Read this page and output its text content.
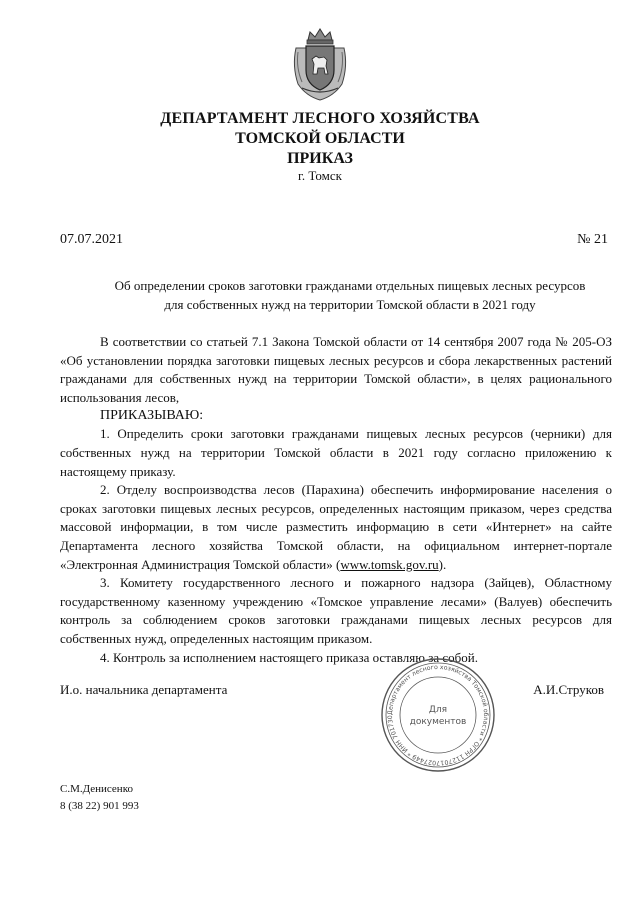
ДЕПАРТАМЕНТ ЛЕСНОГО ХОЗЯЙСТВА
ТОМСКОЙ ОБЛАСТИ
ПРИКАЗ
г. Томск
07.07.2021	№ 21
Об определении сроков заготовки гражданами отдельных пищевых лесных ресурсов
для собственных нужд на территории Томской области в 2021 году

В соответствии со статьей 7.1 Закона Томской области от 14 сентября 2007 года № 205-ОЗ «Об установлении порядка заготовки пищевых лесных ресурсов и сбора лекарственных растений гражданами для собственных нужд на территории Томской области», в целях рационального использования лесов,

ПРИКАЗЫВАЮ:

1. Определить сроки заготовки гражданами пищевых лесных ресурсов (черники) для собственных нужд на территории Томской области в 2021 году согласно приложению к настоящему приказу.

2. Отделу воспроизводства лесов (Парахина) обеспечить информирование населения о сроках заготовки пищевых лесных ресурсов, определенных настоящим приказом, через средства массовой информации, в том числе разместить информацию в сети «Интернет» на сайте Департамента лесного хозяйства Томской области, на официальном интернет-портале «Электронная Администрация Томской области» (www.tomsk.gov.ru).

3. Комитету государственного лесного и пожарного надзора (Зайцев), Областному государственному казенному учреждению «Томское управление лесами» (Валуев) обеспечить контроль за соблюдением сроков заготовки гражданами пищевых лесных ресурсов для собственных нужд, определенных настоящим приказом.

4. Контроль за исполнением настоящего приказа оставляю за собой.

И.о. начальника департамента	А.И.Струков
Департамент лесного хозяйства Томской области * ОГРН 1127017027449 * ИНН 701730
Для
документов
С.М.Денисенко
8 (38 22) 901 993
